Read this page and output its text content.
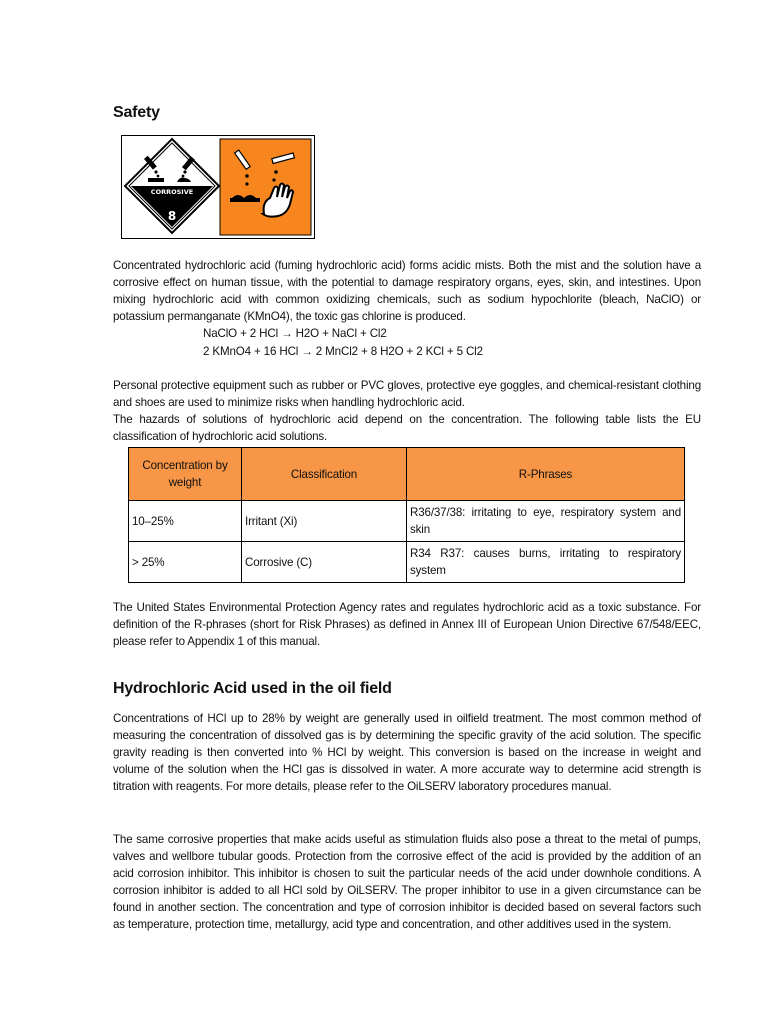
Safety
CORROSIVE
8

Concentrated hydrochloric acid (fuming hydrochloric acid) forms acidic mists. Both the mist and the solution have a corrosive effect on human tissue, with the potential to damage respiratory organs, eyes, skin, and intestines. Upon mixing hydrochloric acid with common oxidizing chemicals, such as sodium hypochlorite (bleach, NaClO) or potassium permanganate (KMnO4), the toxic gas chlorine is produced.

NaClO + 2 HCl → H2O + NaCl + Cl2
2 KMnO4 + 16 HCl → 2 MnCl2 + 8 H2O + 2 KCl + 5 Cl2

Personal protective equipment such as rubber or PVC gloves, protective eye goggles, and chemical-resistant clothing and shoes are used to minimize risks when handling hydrochloric acid.

The hazards of solutions of hydrochloric acid depend on the concentration. The following table lists the EU classification of hydrochloric acid solutions.

Concentration by weight	Classification	R-Phrases
10–25%	Irritant (Xi)	R36/37/38: irritating to eye, respiratory system and skin
> 25%	Corrosive (C)	R34 R37: causes burns, irritating to respiratory system

The United States Environmental Protection Agency rates and regulates hydrochloric acid as a toxic substance. For definition of the R-phrases (short for Risk Phrases) as defined in Annex III of European Union Directive 67/548/EEC, please refer to Appendix 1 of this manual.

Hydrochloric Acid used in the oil field

Concentrations of HCl up to 28% by weight are generally used in oilfield treatment. The most common method of measuring the concentration of dissolved gas is by determining the specific gravity of the acid solution. The specific gravity reading is then converted into % HCl by weight. This conversion is based on the increase in weight and volume of the solution when the HCl gas is dissolved in water. A more accurate way to determine acid strength is titration with reagents. For more details, please refer to the OiLSERV laboratory procedures manual.

The same corrosive properties that make acids useful as stimulation fluids also pose a threat to the metal of pumps, valves and wellbore tubular goods. Protection from the corrosive effect of the acid is provided by the addition of an acid corrosion inhibitor. This inhibitor is chosen to suit the particular needs of the acid under downhole conditions. A corrosion inhibitor is added to all HCl sold by OiLSERV. The proper inhibitor to use in a given circumstance can be found in another section. The concentration and type of corrosion inhibitor is decided based on several factors such as temperature, protection time, metallurgy, acid type and concentration, and other additives used in the system.
